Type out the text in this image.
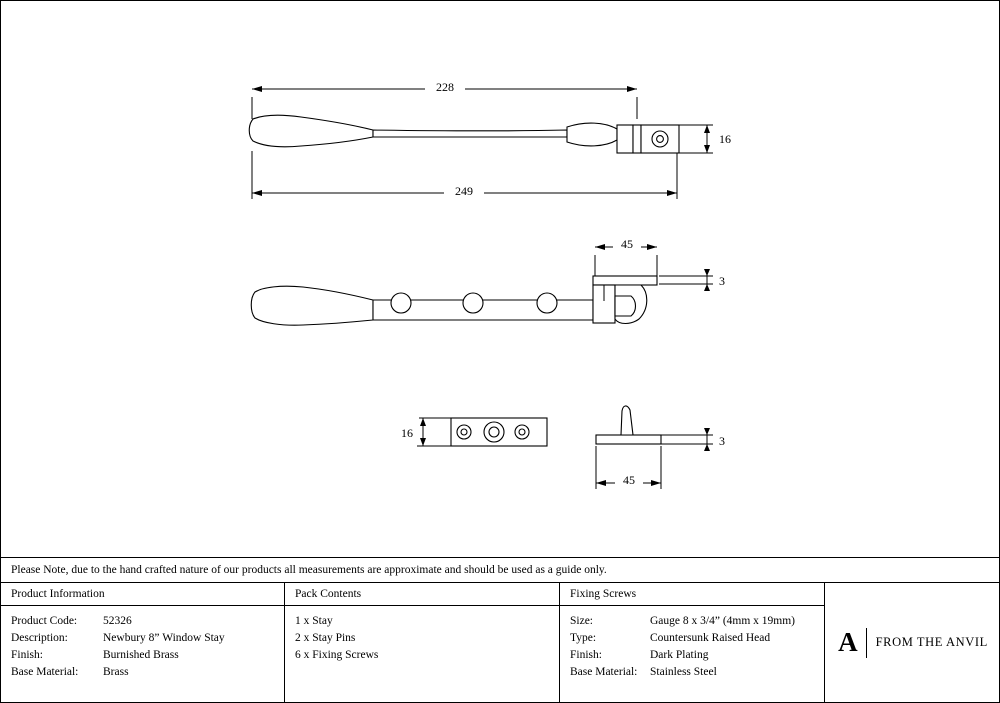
228
249
16
45
3
16
3
45
Please Note, due to the hand crafted nature of our products all measurements are approximate and should be used as a guide only.
Product Information
Product Code:	52326
Description:	Newbury 8” Window Stay
Finish:	Burnished Brass
Base Material:	Brass
Pack Contents
1 x Stay
2 x Stay Pins
6 x Fixing Screws
Fixing Screws
Size:	Gauge 8 x 3/4” (4mm x 19mm)
Type:	Countersunk Raised Head
Finish:	Dark Plating
Base Material:	Stainless Steel
A FROM THE ANVIL
